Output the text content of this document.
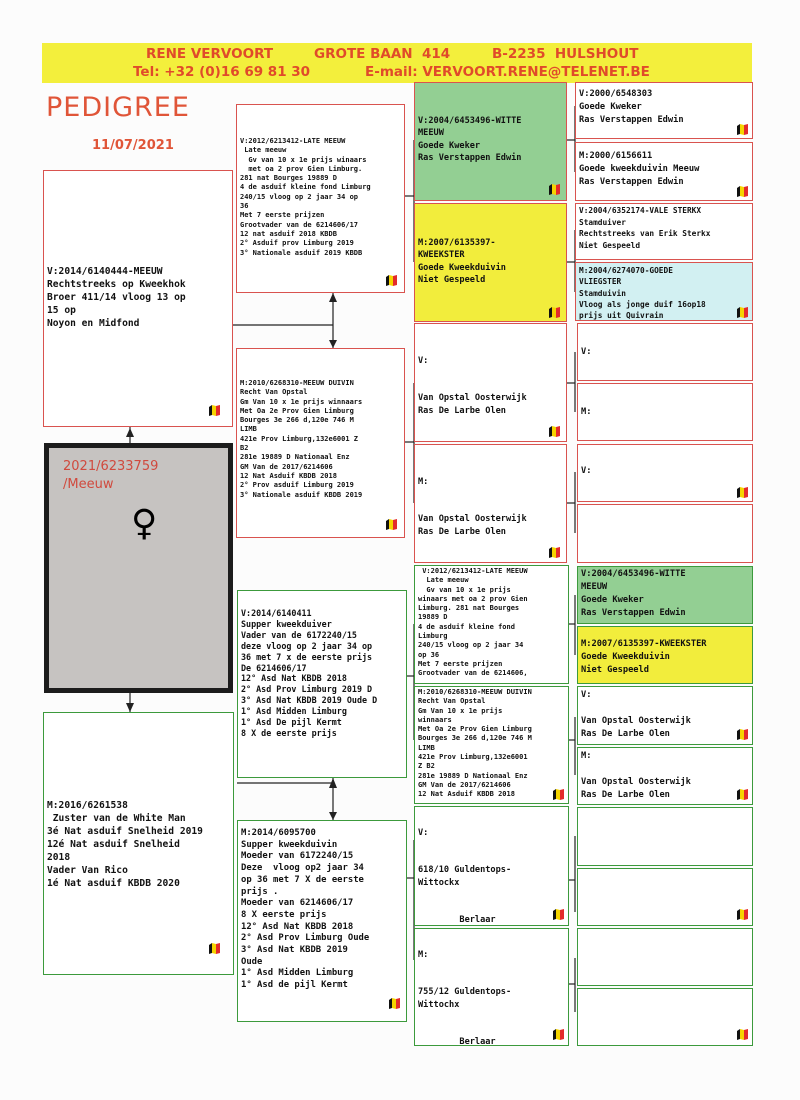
RENE VERVOORT	GROTE BAAN  414	B-2235  HULSHOUT
Tel: +32 (0)16 69 81 30	E-mail: VERVOORT.RENE@TELENET.BE
PEDIGREE
11/07/2021
2021/6233759
/Meeuw
♀
V:2014/6140444-MEEUW
Rechtstreeks op Kweekhok
Broer 411/14 vloog 13 op
15 op
Noyon en Midfond
M:2016/6261538
Zuster van de White Man
3é Nat asduif Snelheid 2019
12é Nat asduif Snelheid
2018
Vader Van Rico
1é Nat asduif KBDB 2020
V:2012/6213412-LATE MEEUW
Late meeuw
Gv van 10 x 1e prijs winaars
met oa 2 prov Gien Limburg.
281 nat Bourges 19889 D
4 de asduif kleine fond Limburg
240/15 vloog op 2 jaar 34 op
36
Met 7 eerste prijzen
Grootvader van de 6214606/17
12 nat asduif 2018 KBDB
2° Asduif prov Limburg 2019
3° Nationale asduif 2019 KBDB
M:2010/6268310-MEEUW DUIVIN
Recht Van Opstal
Gm Van 10 x 1e prijs winnaars
Met Oa 2e Prov Gien Limburg
Bourges 3e 266 d,120e 746 M
LIMB
421e Prov Limburg,132e6001 Z
B2
281e 19889 D Nationaal Enz
GM Van de 2017/6214606
12 Nat Asduif KBDB 2018
2° Prov asduif Limburg 2019
3° Nationale asduif KBDB 2019
V:2014/6140411
Supper kweekduiver
Vader van de 6172240/15
deze vloog op 2 jaar 34 op
36 met 7 x de eerste prijs
De 6214606/17
12° Asd Nat KBDB 2018
2° Asd Prov Limburg 2019 D
3° Asd Nat KBDB 2019 Oude D
1° Asd Midden Limburg
1° Asd De pijl Kermt
8 X de eerste prijs
M:2014/6095700
Supper kweekduivin
Moeder van 6172240/15
Deze  vloog op2 jaar 34
op 36 met 7 X de eerste
prijs .
Moeder van 6214606/17
8 X eerste prijs
12° Asd Nat KBDB 2018
2° Asd Prov Limburg Oude
3° Asd Nat KBDB 2019
Oude
1° Asd Midden Limburg
1° Asd de pijl Kermt
V:2004/6453496-WITTE
MEEUW
Goede Kweker
Ras Verstappen Edwin
M:2007/6135397-
KWEEKSTER
Goede Kweekduivin
Niet Gespeeld
V:

Van Opstal Oosterwijk
Ras De Larbe Olen
M:

Van Opstal Oosterwijk
Ras De Larbe Olen
V:2012/6213412-LATE MEEUW
Late meeuw
Gv van 10 x 1e prijs
winaars met oa 2 prov Gien
Limburg. 281 nat Bourges
19889 D
4 de asduif kleine fond
Limburg
240/15 vloog op 2 jaar 34
op 36
Met 7 eerste prijzen
Grootvader van de 6214606,
M:2010/6268310-MEEUW DUIVIN
Recht Van Opstal
Gm Van 10 x 1e prijs
winnaars
Met Oa 2e Prov Gien Limburg
Bourges 3e 266 d,120e 746 M
LIMB
421e Prov Limburg,132e6001
Z B2
281e 19889 D Nationaal Enz
GM Van de 2017/6214606
12 Nat Asduif KBDB 2018
V:

618/10 Guldentops-
Wittockx

Berlaar
M:

755/12 Guldentops-
Wittochx

Berlaar
V:2000/6548303
Goede Kweker
Ras Verstappen Edwin
M:2000/6156611
Goede kweekduivin Meeuw
Ras Verstappen Edwin
V:2004/6352174-VALE STERKX
Stamduiver
Rechtstreeks van Erik Sterkx
Niet Gespeeld
M:2004/6274070-GOEDE
VLIEGSTER
Stamduivin
Vloog als jonge duif 16op18
prijs uit Quivrain
V:
M:
V:
V:2004/6453496-WITTE
MEEUW
Goede Kweker
Ras Verstappen Edwin
M:2007/6135397-KWEEKSTER
Goede Kweekduivin
Niet Gespeeld
V:

Van Opstal Oosterwijk
Ras De Larbe Olen
M:

Van Opstal Oosterwijk
Ras De Larbe Olen
